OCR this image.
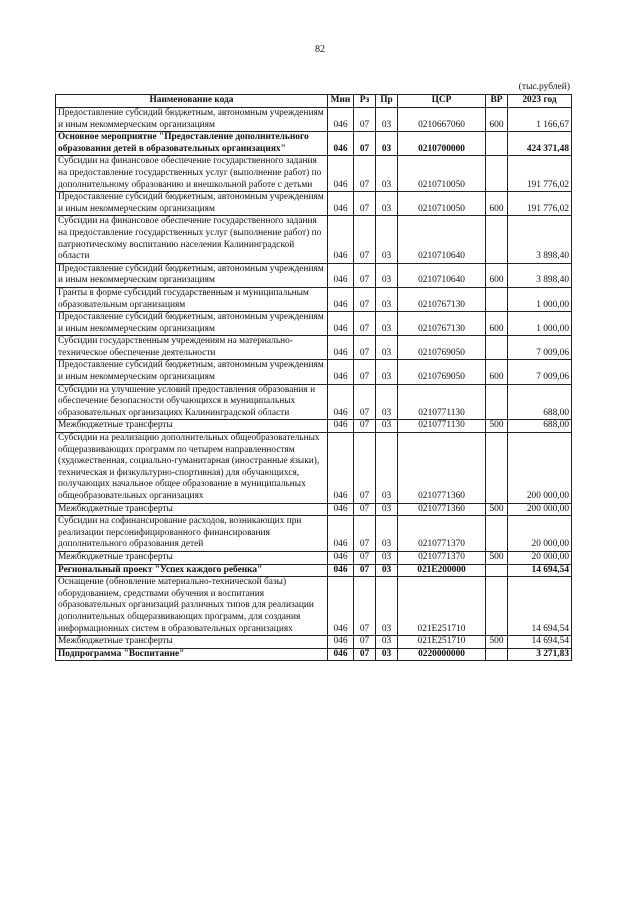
82
(тыс.рублей)
Наименование кода	Мин	Рз	Пр	ЦСР	ВР	2023 год
Предоставление субсидий бюджетным, автономным учреждениям и иным некоммерческим организациям	046	07	03	0210667060	600	1 166,67
Основное мероприятие "Предоставление дополнительного образования детей в образовательных организациях"	046	07	03	0210700000		424 371,48
Субсидии на финансовое обеспечение государственного задания на предоставление государственных услуг (выполнение работ) по дополнительному образованию и внешкольной работе с детьми	046	07	03	0210710050		191 776,02
Предоставление субсидий бюджетным, автономным учреждениям и иным некоммерческим организациям	046	07	03	0210710050	600	191 776,02
Субсидии на финансовое обеспечение государственного задания на предоставление государственных услуг (выполнение работ) по патриотическому воспитанию населения Калининградской области	046	07	03	0210710640		3 898,40
Предоставление субсидий бюджетным, автономным учреждениям и иным некоммерческим организациям	046	07	03	0210710640	600	3 898,40
Гранты в форме субсидий государственным и муниципальным образовательным организациям	046	07	03	0210767130		1 000,00
Предоставление субсидий бюджетным, автономным учреждениям и иным некоммерческим организациям	046	07	03	0210767130	600	1 000,00
Субсидии государственным учреждениям на материально-техническое обеспечение деятельности	046	07	03	0210769050		7 009,06
Предоставление субсидий бюджетным, автономным учреждениям и иным некоммерческим организациям	046	07	03	0210769050	600	7 009,06
Субсидии на улучшение условий предоставления образования и обеспечение безопасности обучающихся в муниципальных образовательных организациях Калининградской области	046	07	03	0210771130		688,00
Межбюджетные трансферты	046	07	03	0210771130	500	688,00
Субсидии на реализацию дополнительных общеобразовательных общеразвивающих программ по четырем направленностям (художественная, социально-гуманитарная (иностранные языки), техническая и физкультурно-спортивная) для обучающихся, получающих начальное общее образование в муниципальных общеобразовательных организациях	046	07	03	0210771360		200 000,00
Межбюджетные трансферты	046	07	03	0210771360	500	200 000,00
Субсидии на софинансирование расходов, возникающих при реализации персонифицированного финансирования дополнительного образования детей	046	07	03	0210771370		20 000,00
Межбюджетные трансферты	046	07	03	0210771370	500	20 000,00
Региональный проект "Успех каждого ребенка"	046	07	03	021E200000		14 694,54
Оснащение (обновление материально-технической базы) оборудованием, средствами обучения и воспитания образовательных организаций различных типов для реализации дополнительных общеразвивающих программ, для создания информационных систем в образовательных организациях	046	07	03	021E251710		14 694,54
Межбюджетные трансферты	046	07	03	021E251710	500	14 694,54
Подпрограмма "Воспитание"	046	07	03	0220000000		3 271,83
